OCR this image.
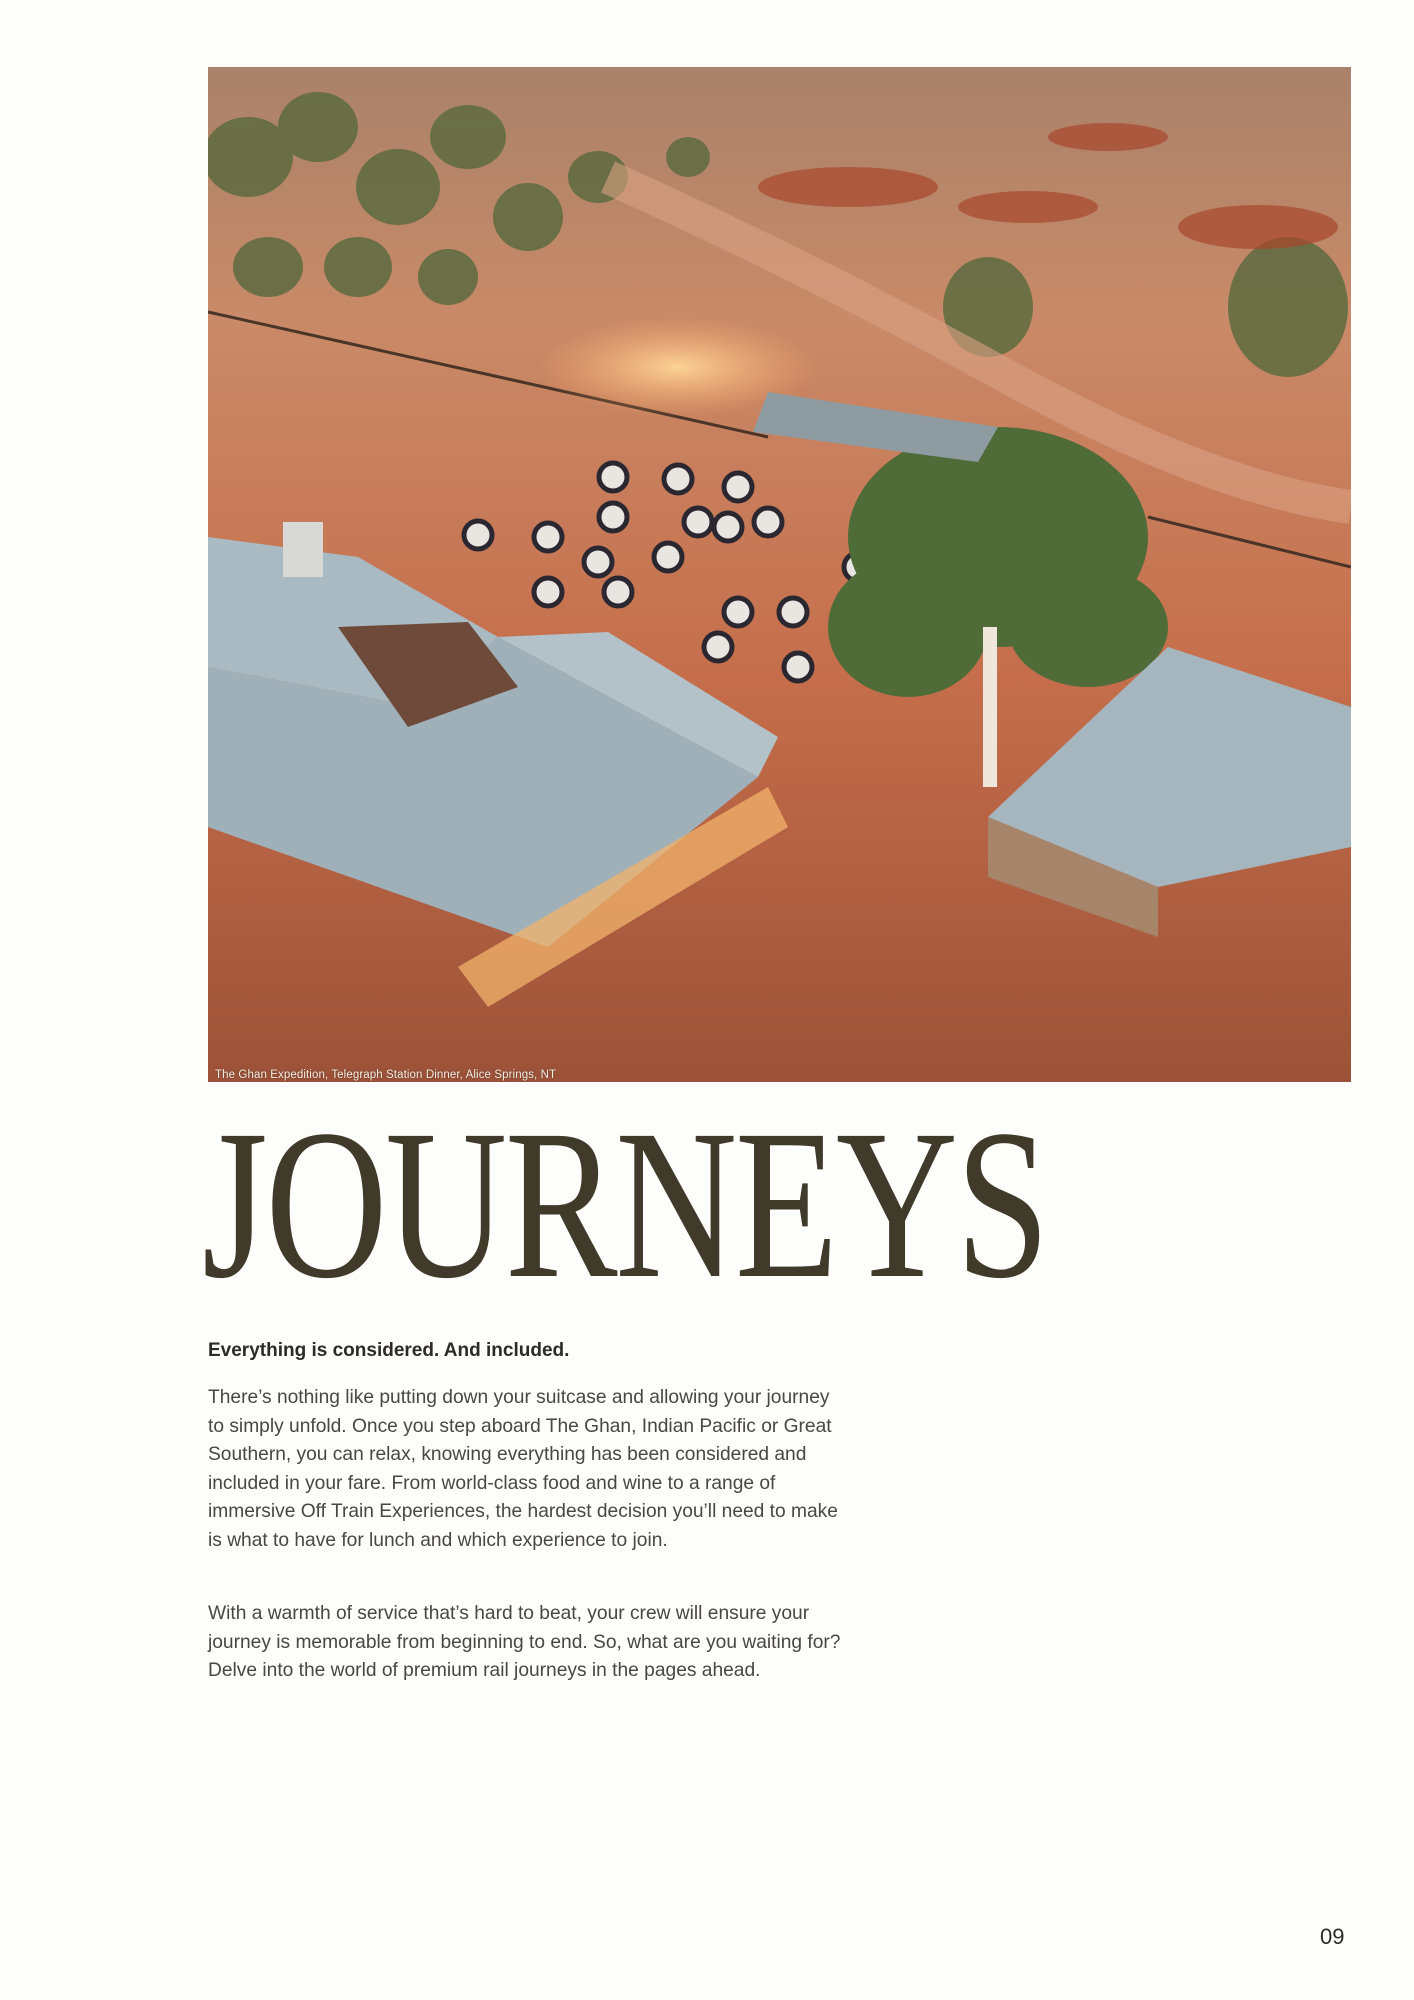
The Ghan Expedition, Telegraph Station Dinner, Alice Springs, NT
JOURNEYS

Everything is considered. And included.

There’s nothing like putting down your suitcase and allowing your journey to simply unfold. Once you step aboard The Ghan, Indian Pacific or Great Southern, you can relax, knowing everything has been considered and included in your fare. From world-class food and wine to a range of immersive Off Train Experiences, the hardest decision you’ll need to make is what to have for lunch and which experience to join.

With a warmth of service that’s hard to beat, your crew will ensure your journey is memorable from beginning to end. So, what are you waiting for? Delve into the world of premium rail journeys in the pages ahead.

09
